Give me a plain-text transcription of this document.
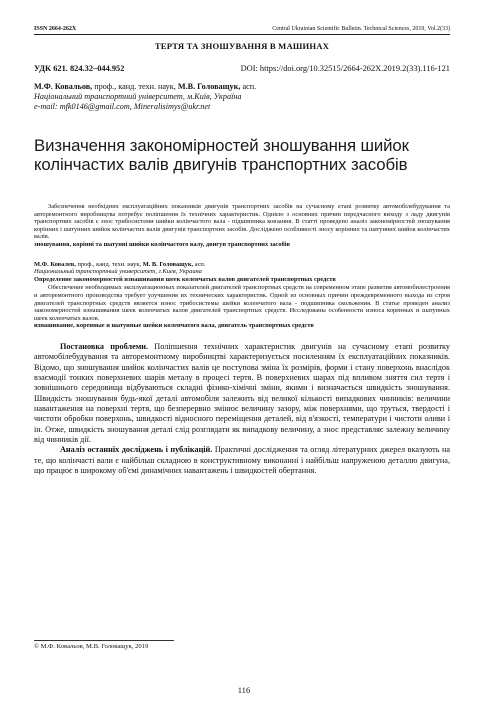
ISSN 2664-262X	Central Ukrainian Scientific Bulletin. Technical Sciences, 2019, Vol.2(33)
ТЕРТЯ ТА ЗНОШУВАННЯ В МАШИНАХ
УДК 621. 824.32–044.952	DOI: https://doi.org/10.32515/2664-262X.2019.2(33).116-121
М.Ф. Ковальов, проф., канд. техн. наук, М.В. Головащук, асп.
Національний транспортний університет, м.Київ, Україна
e-mail: mfk0146@gmail.com, Mineralisimys@ukr.net
Визначення закономірностей зношування шийок колінчастих валів двигунів транспортних засобів

Забезпечення необхідних експлуатаційних показників двигунів транспортних засобів на сучасному етапі розвитку автомобілебудування та авторемонтного виробництва потребує поліпшення їх технічних характеристик. Однією з основних причин передчасного виходу з ладу двигунів транспортних засобів є знос трибосистеми шийки колінчастого вала - підшипника ковзання. В статті проведено аналіз закономірностей зношування корінних і шатунних шийок колінчастих валів двигунів транспортних засобів. Досліджено особливості зносу корінних та шатунних шийок колінчастих валів.

зношування, корінні та шатунні шийки колінчастого валу, двигун транспортних засобів

М.Ф. Ковалев, проф., канд. техн. наук, М. В. Головащук, асп.

Национальный транспортный университет, г.Киев, Украина

Определение закономерностей изнашивания шеек коленчатых валов двигателей транспортных средств

Обеспечение необходимых эксплуатационных показателей двигателей транспортных средств на современном этапе развития автомобилестроения и авторемонтного производства требует улучшения их технических характеристик. Одной из основных причин преждевременного выхода из строя двигателей транспортных средств является износ трибосистемы шейки коленчатого вала - подшипника скольжения. В статье проведен анализ закономерностей изнашивания шеек коленчатых валов двигателей транспортных средств. Исследованы особенности износа коренных и шатунных шеек коленчатых валов.

изнашивание, коренные и шатунные шейки коленчатого вала, двигатель транспортных средств

Постановка проблеми. Поліпшення технічних характеристик двигунів на сучасному етапі розвитку автомобілебудування та авторемонтному виробництві характеризується посиленням їх експлуатаційних показників. Відомо, що зношування шийок колінчастих валів це поступова зміна їх розмірів, форми і стану поверхонь внаслідок взаємодії тонких поверхневих шарів металу в процесі тертя. В поверхневих шарах під впливом зняття сил тертя і зовнішнього середовища відбуваються складні фізико-хімічні зміни, якими і визначається швидкість зношування. Швидкість зношування будь-якої деталі автомобіля залежить від великої кількості випадкових чинників: величини навантаження на поверхні тертя, що безперервно змінює величину зазору, між поверхнями, що труться, твердості і чистоти обробки поверхонь, швидкості відносного переміщення деталей, від в'язкості, температури і чистоти оливи і ін. Отже, швидкість зношування деталі слід розглядати як випадкову величину, а знос представляє залежну величину від чинників дії.

Аналіз останніх досліджень і публікацій. Практичні дослідження та огляд літературних джерел вказують на те, що колінчасті вали є найбільш складною в конструктивному виконанні і найбільш напруженою деталлю двигуна, що працює в широкому об'ємі динамічних навантажень і швидкостей обертання.

© М.Ф. Ковальов, М.В. Головащук, 2019
116
